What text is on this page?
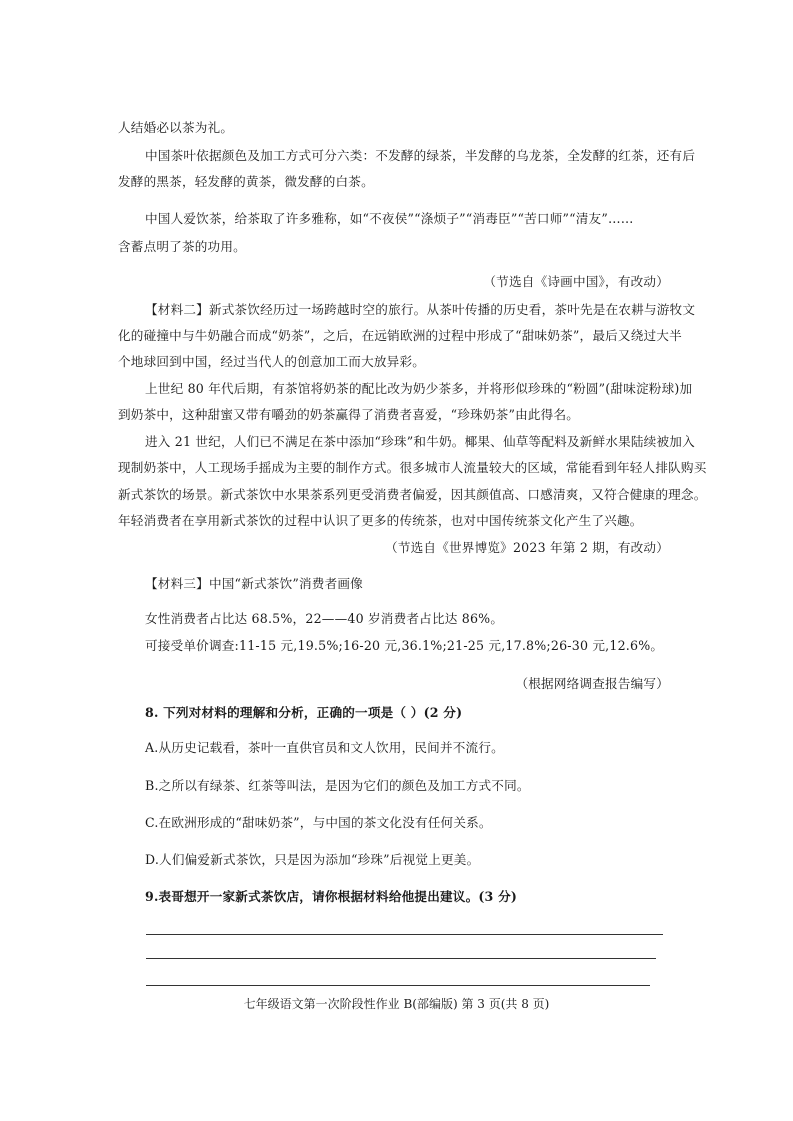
人结婚必以茶为礼。
中国茶叶依据颜色及加工方式可分六类：不发酵的绿茶，半发酵的乌龙茶，全发酵的红茶，还有后
发酵的黑茶，轻发酵的黄茶，微发酵的白茶。
中国人爱饮茶，给茶取了许多雅称，如“不夜侯”“涤烦子”“消毒臣”“苦口师”“清友”……
含蓄点明了茶的功用。
（节选自《诗画中国》，有改动）
【材料二】新式茶饮经历过一场跨越时空的旅行。从茶叶传播的历史看，茶叶先是在农耕与游牧文
化的碰撞中与牛奶融合而成“奶茶”，之后，在远销欧洲的过程中形成了“甜味奶茶”，最后又绕过大半
个地球回到中国，经过当代人的创意加工而大放异彩。
上世纪 80 年代后期，有茶馆将奶茶的配比改为奶少茶多，并将形似珍珠的“粉圆”(甜味淀粉球)加
到奶茶中，这种甜蜜又带有嚼劲的奶茶赢得了消费者喜爱，“珍珠奶茶”由此得名。
进入 21 世纪，人们已不满足在茶中添加“珍珠”和牛奶。椰果、仙草等配料及新鲜水果陆续被加入
现制奶茶中，人工现场手摇成为主要的制作方式。很多城市人流量较大的区域，常能看到年轻人排队购买
新式茶饮的场景。新式茶饮中水果茶系列更受消费者偏爱，因其颜值高、口感清爽，又符合健康的理念。
年轻消费者在享用新式茶饮的过程中认识了更多的传统茶，也对中国传统茶文化产生了兴趣。
（节选自《世界博览》2023 年第 2 期，有改动）
【材料三】中国“新式茶饮”消费者画像
女性消费者占比达 68.5%，22——40 岁消费者占比达 86%。
可接受单价调查:11-15 元,19.5%;16-20 元,36.1%;21-25 元,17.8%;26-30 元,12.6%。
（根据网络调查报告编写）
8. 下列对材料的理解和分析，正确的一项是（ ）(2 分)
A.从历史记载看，茶叶一直供官员和文人饮用，民间并不流行。
B.之所以有绿茶、红茶等叫法，是因为它们的颜色及加工方式不同。
C.在欧洲形成的“甜味奶茶”，与中国的茶文化没有任何关系。
D.人们偏爱新式茶饮，只是因为添加“珍珠”后视觉上更美。
9.表哥想开一家新式茶饮店，请你根据材料给他提出建议。(3 分)
七年级语文第一次阶段性作业 B(部编版) 第 3 页(共 8 页)
